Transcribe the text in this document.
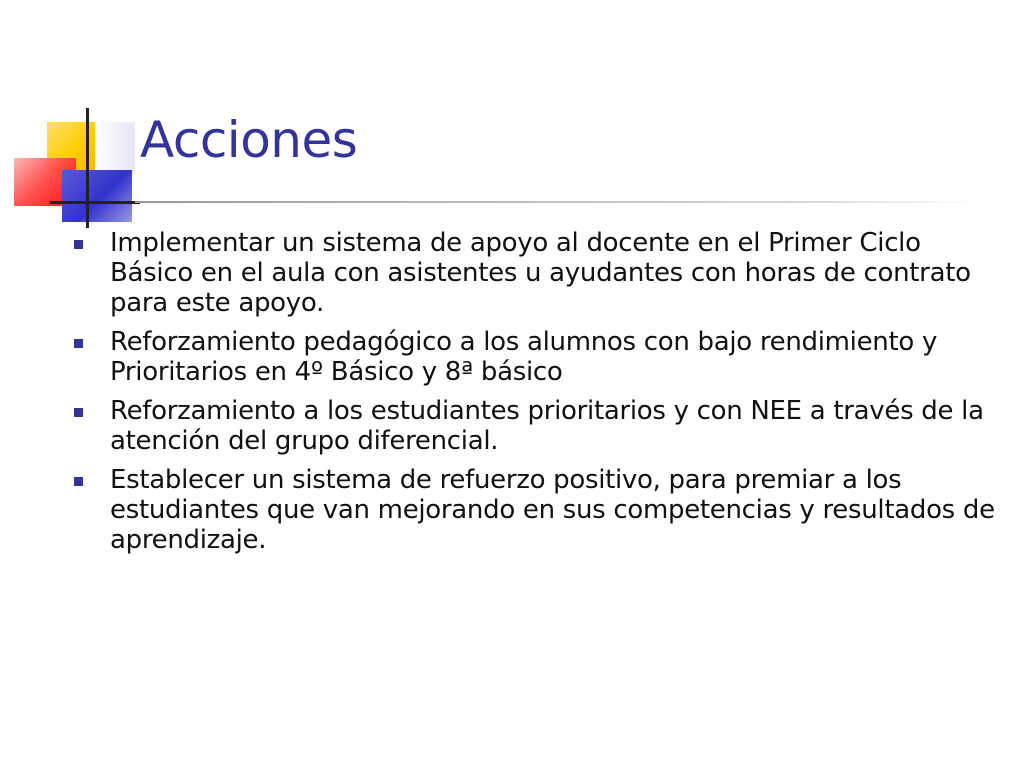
Acciones
Implementar un sistema de apoyo al docente en el Primer Ciclo Básico en el aula con asistentes u ayudantes con horas de contrato para este apoyo.
Reforzamiento pedagógico a los alumnos con bajo rendimiento y Prioritarios en 4º Básico y 8ª básico
Reforzamiento a los estudiantes prioritarios y con NEE a través de la atención del grupo diferencial.
Establecer un sistema de refuerzo positivo, para premiar a los estudiantes que van mejorando en sus competencias y resultados de aprendizaje.
